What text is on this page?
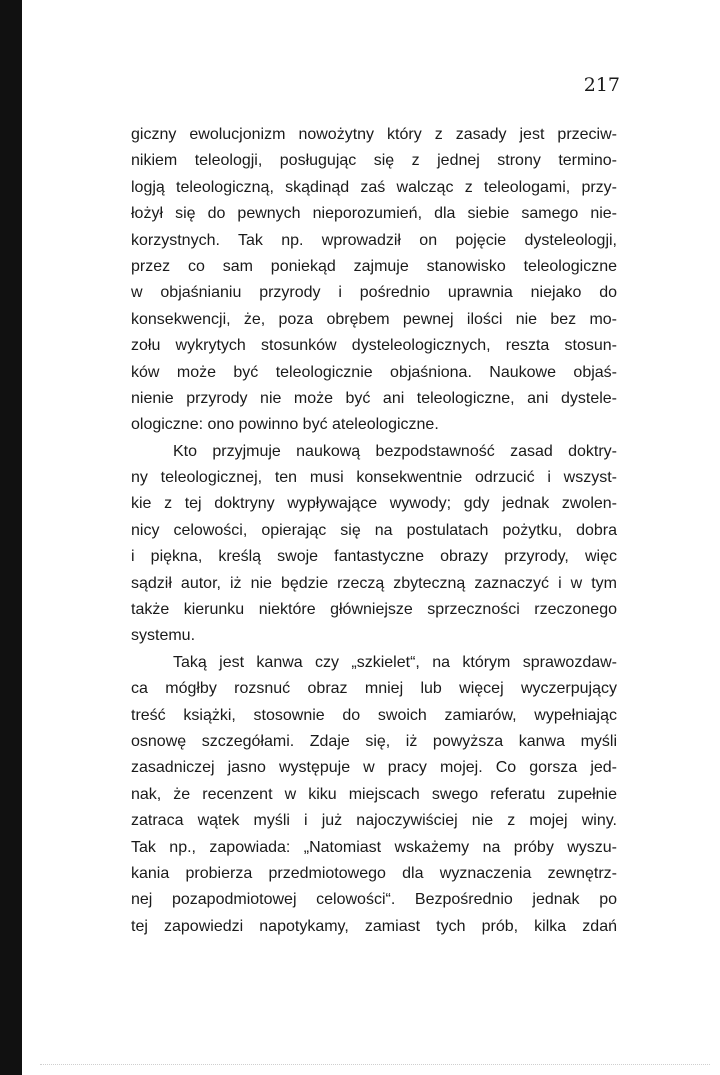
217
giczny ewolucjonizm nowożytny który z zasady jest przeciw-
nikiem teleologji, posługując się z jednej strony termino-
logją teleologiczną, skądinąd zaś walcząc z teleologami, przy-
łożył się do pewnych nieporozumień, dla siebie samego nie-
korzystnych. Tak np. wprowadził on pojęcie dysteleologji,
przez co sam poniekąd zajmuje stanowisko teleologiczne
w objaśnianiu przyrody i pośrednio uprawnia niejako do
konsekwencji, że, poza obrębem pewnej ilości nie bez mo-
zołu wykrytych stosunków dysteleologicznych, reszta stosun-
ków może być teleologicznie objaśniona. Naukowe objaś-
nienie przyrody nie może być ani teleologiczne, ani dystele-
ologiczne: ono powinno być ateleologiczne.
Kto przyjmuje naukową bezpodstawność zasad doktry-
ny teleologicznej, ten musi konsekwentnie odrzucić i wszyst-
kie z tej doktryny wypływające wywody; gdy jednak zwolen-
nicy celowości, opierając się na postulatach pożytku, dobra
i piękna, kreślą swoje fantastyczne obrazy przyrody, więc
sądził autor, iż nie będzie rzeczą zbyteczną zaznaczyć i w tym
także kierunku niektóre główniejsze sprzeczności rzeczonego
systemu.
Taką jest kanwa czy „szkielet“, na którym sprawozdaw-
ca mógłby rozsnuć obraz mniej lub więcej wyczerpujący
treść książki, stosownie do swoich zamiarów, wypełniając
osnowę szczegółami. Zdaje się, iż powyższa kanwa myśli
zasadniczej jasno występuje w pracy mojej. Co gorsza jed-
nak, że recenzent w kiku miejscach swego referatu zupełnie
zatraca wątek myśli i już najoczywiściej nie z mojej winy.
Tak np., zapowiada: „Natomiast wskażemy na próby wyszu-
kania probierza przedmiotowego dla wyznaczenia zewnętrz-
nej pozapodmiotowej celowości“. Bezpośrednio jednak po
tej zapowiedzi napotykamy, zamiast tych prób, kilka zdań
